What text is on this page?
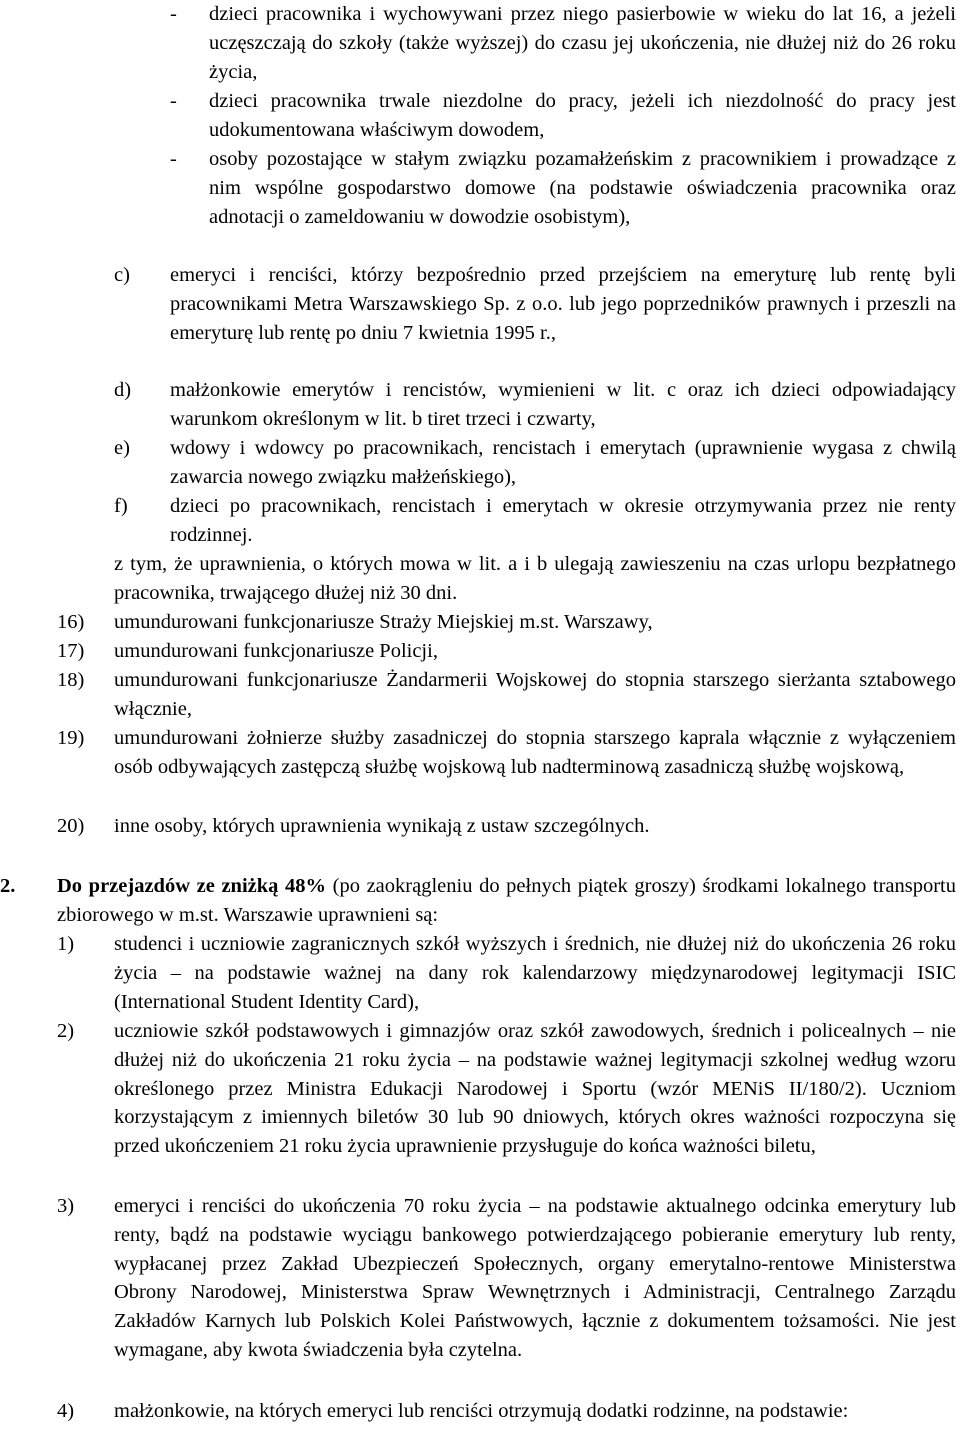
- dzieci pracownika i wychowywani przez niego pasierbowie w wieku do lat 16, a jeżeli uczęszczają do szkoły (także wyższej) do czasu jej ukończenia, nie dłużej niż do 26 roku życia,

- dzieci pracownika trwale niezdolne do pracy, jeżeli ich niezdolność do pracy jest udokumentowana właściwym dowodem,

- osoby pozostające w stałym związku pozamałżeńskim z pracownikiem i prowadzące z nim wspólne gospodarstwo domowe (na podstawie oświadczenia pracownika oraz adnotacji o zameldowaniu w dowodzie osobistym),

c) emeryci i renciści, którzy bezpośrednio przed przejściem na emeryturę lub rentę byli pracownikami Metra Warszawskiego Sp. z o.o. lub jego poprzedników prawnych i przeszli na emeryturę lub rentę po dniu 7 kwietnia 1995 r.,

d) małżonkowie emerytów i rencistów, wymienieni w lit. c oraz ich dzieci odpowiadający warunkom określonym w lit. b tiret trzeci i czwarty,

e) wdowy i wdowcy po pracownikach, rencistach i emerytach (uprawnienie wygasa z chwilą zawarcia nowego związku małżeńskiego),

f) dzieci po pracownikach, rencistach i emerytach w okresie otrzymywania przez nie renty rodzinnej.

z tym, że uprawnienia, o których mowa w lit. a i b ulegają zawieszeniu na czas urlopu bezpłatnego pracownika, trwającego dłużej niż 30 dni.

16) umundurowani funkcjonariusze Straży Miejskiej m.st. Warszawy,

17) umundurowani funkcjonariusze Policji,

18) umundurowani funkcjonariusze Żandarmerii Wojskowej do stopnia starszego sierżanta sztabowego włącznie,

19) umundurowani żołnierze służby zasadniczej do stopnia starszego kaprala włącznie z wyłączeniem osób odbywających zastępczą służbę wojskową lub nadterminową zasadniczą służbę wojskową,

20) inne osoby, których uprawnienia wynikają z ustaw szczególnych.

2. Do przejazdów ze zniżką 48% (po zaokrągleniu do pełnych piątek groszy) środkami lokalnego transportu zbiorowego w m.st. Warszawie uprawnieni są:

1) studenci i uczniowie zagranicznych szkół wyższych i średnich, nie dłużej niż do ukończenia 26 roku życia – na podstawie ważnej na dany rok kalendarzowy międzynarodowej legitymacji ISIC (International Student Identity Card),

2) uczniowie szkół podstawowych i gimnazjów oraz szkół zawodowych, średnich i policealnych – nie dłużej niż do ukończenia 21 roku życia – na podstawie ważnej legitymacji szkolnej według wzoru określonego przez Ministra Edukacji Narodowej i Sportu (wzór MENiS II/180/2). Uczniom korzystającym z imiennych biletów 30 lub 90 dniowych, których okres ważności rozpoczyna się przed ukończeniem 21 roku życia uprawnienie przysługuje do końca ważności biletu,

3) emeryci i renciści do ukończenia 70 roku życia – na podstawie aktualnego odcinka emerytury lub renty, bądź na podstawie wyciągu bankowego potwierdzającego pobieranie emerytury lub renty, wypłacanej przez Zakład Ubezpieczeń Społecznych, organy emerytalno-rentowe Ministerstwa Obrony Narodowej, Ministerstwa Spraw Wewnętrznych i Administracji, Centralnego Zarządu Zakładów Karnych lub Polskich Kolei Państwowych, łącznie z dokumentem tożsamości. Nie jest wymagane, aby kwota świadczenia była czytelna.

4) małżonkowie, na których emeryci lub renciści otrzymują dodatki rodzinne, na podstawie:
